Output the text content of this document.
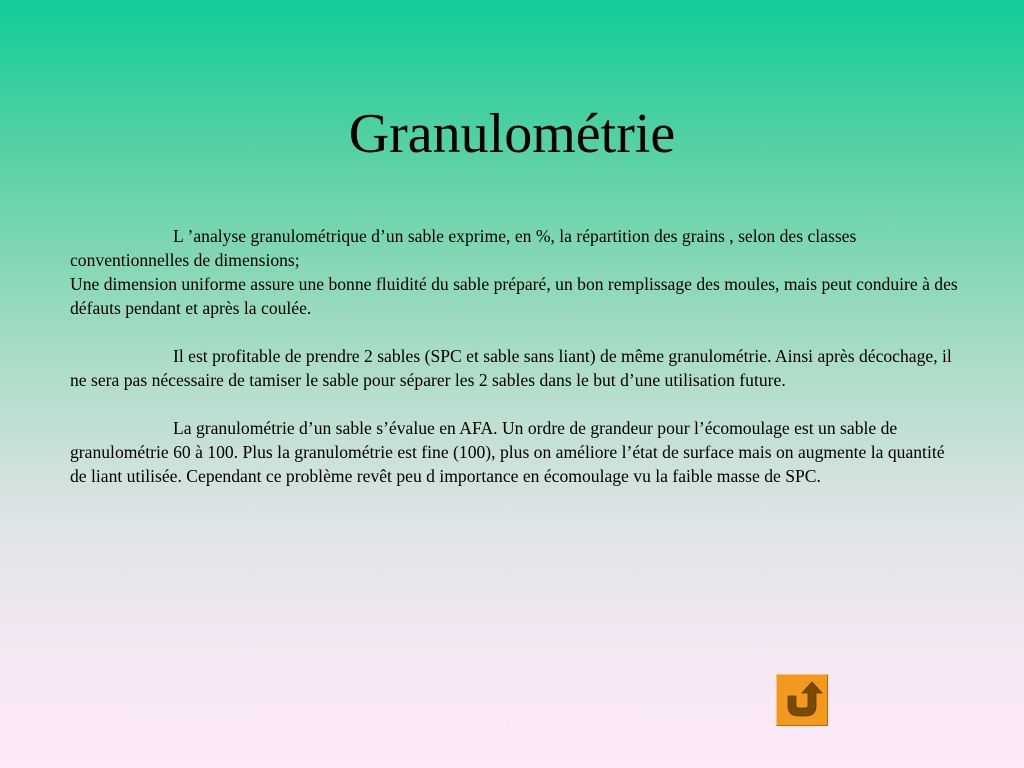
Granulométrie

L ’analyse granulométrique d’un sable exprime, en %, la répartition des grains , selon des classes conventionnelles de dimensions;

Une dimension uniforme assure une bonne fluidité du sable préparé, un bon remplissage des moules, mais peut conduire à des défauts pendant et après la coulée.

Il est profitable de prendre 2 sables (SPC et sable sans liant) de même granulométrie. Ainsi après décochage, il ne sera pas nécessaire de tamiser le sable pour séparer les 2 sables dans le but d’une utilisation future.

La granulométrie d’un sable s’évalue en AFA. Un ordre de grandeur pour l’écomoulage est un sable de granulométrie 60 à 100. Plus la granulométrie est fine (100), plus on améliore l’état de surface mais on augmente la quantité de liant utilisée. Cependant ce problème revêt peu d importance en écomoulage vu la faible masse de SPC.
